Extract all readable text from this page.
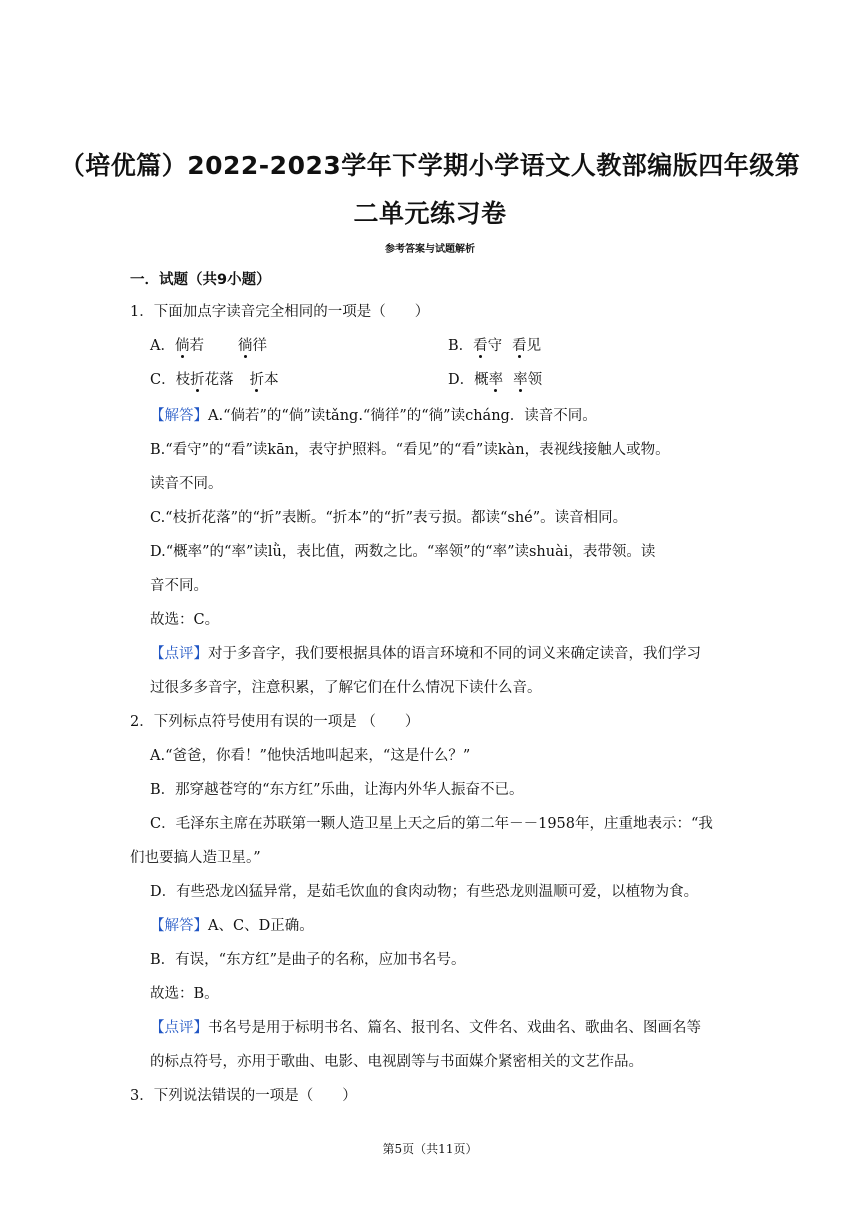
（培优篇）2022-2023学年下学期小学语文人教部编版四年级第
二单元练习卷
参考答案与试题解析
一．试题（共9小题）
1．下面加点字读音完全相同的一项是（　　）
A．倘若 徜徉	B．看守 看见
C．枝折花落 折本	D．概率 率领
【解答】A.“倘若”的“倘”读tǎng.“徜徉”的“徜”读cháng．读音不同。
B.“看守”的“看”读kān，表守护照料。“看见”的“看”读kàn，表视线接触人或物。
读音不同。
C.“枝折花落”的“折”表断。“折本”的“折”表亏损。都读“shé”。读音相同。
D.“概率”的“率”读lǜ，表比值，两数之比。“率领”的“率”读shuài，表带领。读
音不同。
故选：C。
【点评】对于多音字，我们要根据具体的语言环境和不同的词义来确定读音，我们学习
过很多多音字，注意积累，了解它们在什么情况下读什么音。
2．下列标点符号使用有误的一项是 （　　）
A.“爸爸，你看！”他快活地叫起来，“这是什么？”
B．那穿越苍穹的“东方红”乐曲，让海内外华人振奋不已。
C．毛泽东主席在苏联第一颗人造卫星上天之后的第二年－－1958年，庄重地表示：“我
们也要搞人造卫星。”
D．有些恐龙凶猛异常，是茹毛饮血的食肉动物；有些恐龙则温顺可爱，以植物为食。
【解答】A、C、D正确。
B．有误，“东方红”是曲子的名称，应加书名号。
故选：B。
【点评】书名号是用于标明书名、篇名、报刊名、文件名、戏曲名、歌曲名、图画名等
的标点符号，亦用于歌曲、电影、电视剧等与书面媒介紧密相关的文艺作品。
3．下列说法错误的一项是（　　）
第5页（共11页）
